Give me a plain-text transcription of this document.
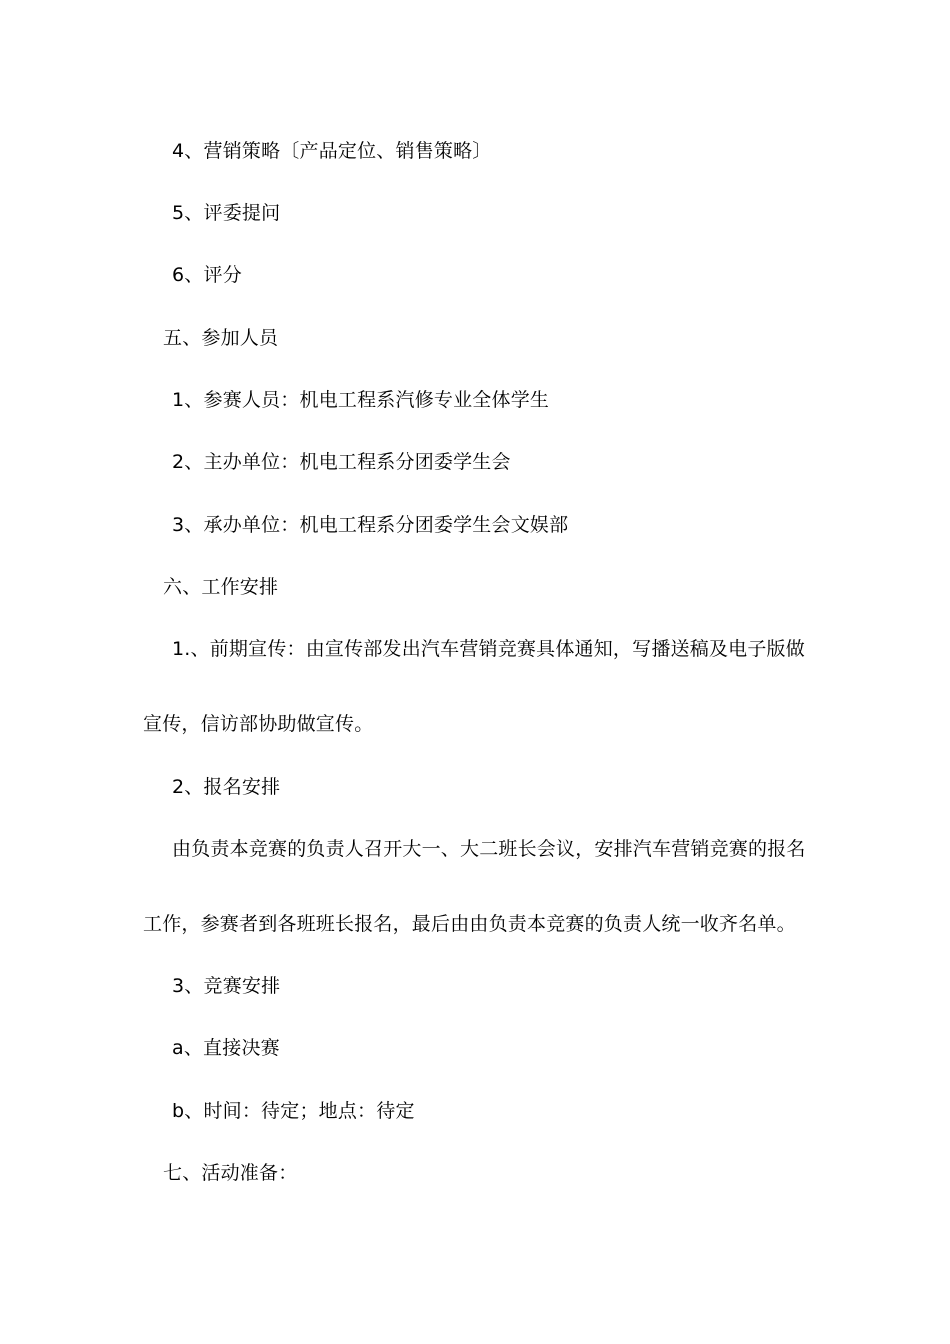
4、营销策略〔产品定位、销售策略〕
5、评委提问
6、评分
五、参加人员
1、参赛人员：机电工程系汽修专业全体学生
2、主办单位：机电工程系分团委学生会
3、承办单位：机电工程系分团委学生会文娱部
六、工作安排
1.、前期宣传：由宣传部发出汽车营销竞赛具体通知，写播送稿及电子版做
宣传，信访部协助做宣传。
2、报名安排
由负责本竞赛的负责人召开大一、大二班长会议，安排汽车营销竞赛的报名
工作，参赛者到各班班长报名，最后由由负责本竞赛的负责人统一收齐名单。
3、竞赛安排
a、直接决赛
b、时间：待定；地点：待定
七、活动准备：
